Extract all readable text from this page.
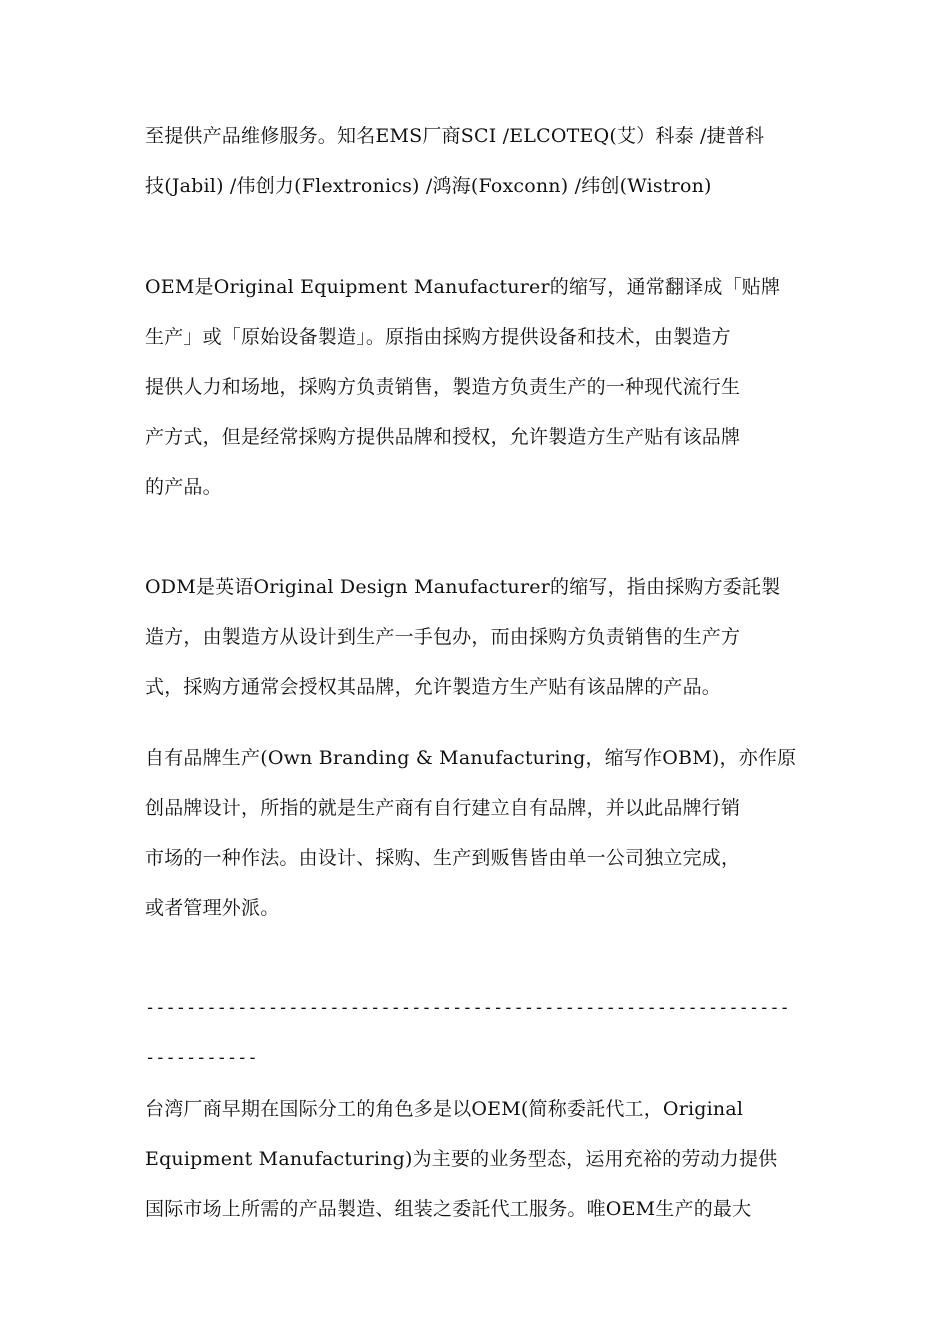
至提供产品维修服务。知名EMS厂商SCI /ELCOTEQ(艾）科泰 /捷普科
技(Jabil) /伟创力(Flextronics) /鸿海(Foxconn) /纬创(Wistron)
OEM是Original Equipment Manufacturer的缩写，通常翻译成「贴牌
生产」或「原始设备製造」。原指由採购方提供设备和技术，由製造方
提供人力和场地，採购方负责销售，製造方负责生产的一种现代流行生
产方式，但是经常採购方提供品牌和授权，允许製造方生产贴有该品牌
的产品。
ODM是英语Original Design Manufacturer的缩写，指由採购方委託製
造方，由製造方从设计到生产一手包办，而由採购方负责销售的生产方
式，採购方通常会授权其品牌，允许製造方生产贴有该品牌的产品。
自有品牌生产(Own Branding & Manufacturing，缩写作OBM)，亦作原
创品牌设计，所指的就是生产商有自行建立自有品牌，并以此品牌行销
市场的一种作法。由设计、採购、生产到贩售皆由单一公司独立完成，
或者管理外派。
---------------------------------------------------------------
-----------
台湾厂商早期在国际分工的角色多是以OEM(简称委託代工，Original
Equipment Manufacturing)为主要的业务型态，运用充裕的劳动力提供
国际市场上所需的产品製造、组装之委託代工服务。唯OEM生产的最大
